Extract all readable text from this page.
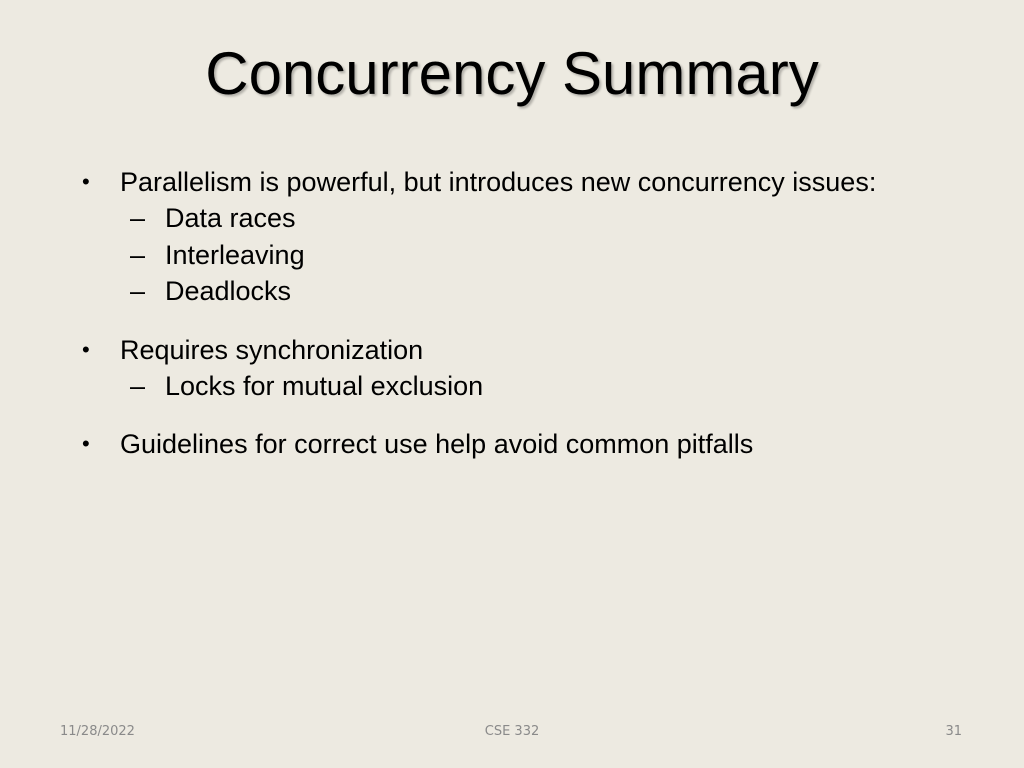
Concurrency Summary
• Parallelism is powerful, but introduces new concurrency issues:
– Data races
– Interleaving
– Deadlocks
• Requires synchronization
– Locks for mutual exclusion
• Guidelines for correct use help avoid common pitfalls
11/28/2022	CSE 332	31
